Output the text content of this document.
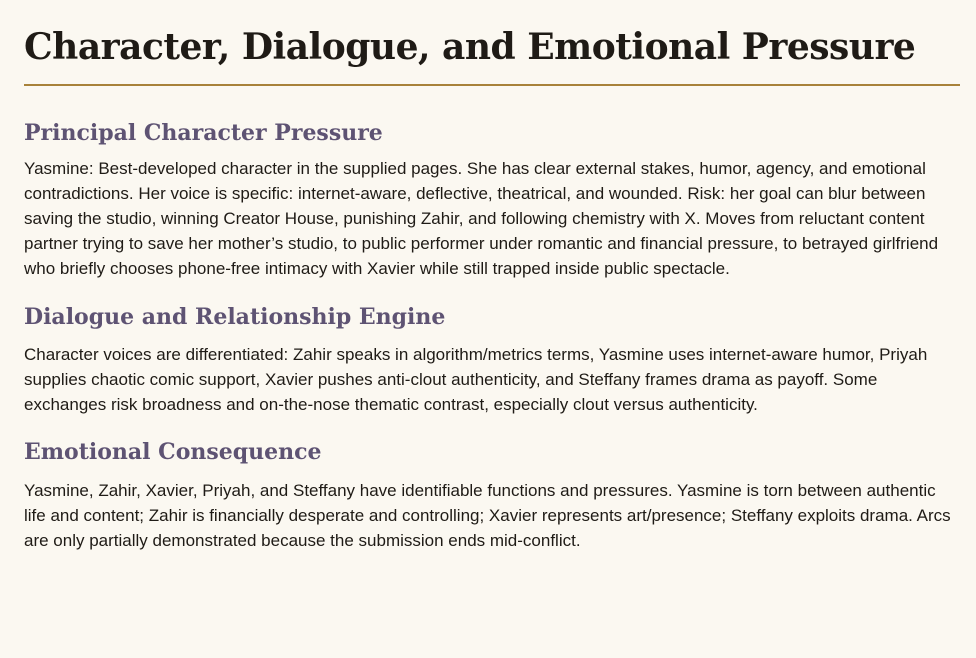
Character, Dialogue, and Emotional Pressure
Principal Character Pressure

Yasmine: Best-developed character in the supplied pages. She has clear external stakes, humor, agency, and emotional contradictions. Her voice is specific: internet-aware, deflective, theatrical, and wounded. Risk: her goal can blur between saving the studio, winning Creator House, punishing Zahir, and following chemistry with X. Moves from reluctant content partner trying to save her mother’s studio, to public performer under romantic and financial pressure, to betrayed girlfriend who briefly chooses phone-free intimacy with Xavier while still trapped inside public spectacle.

Dialogue and Relationship Engine

Character voices are differentiated: Zahir speaks in algorithm/metrics terms, Yasmine uses internet-aware humor, Priyah supplies chaotic comic support, Xavier pushes anti-clout authenticity, and Steffany frames drama as payoff. Some exchanges risk broadness and on-the-nose thematic contrast, especially clout versus authenticity.

Emotional Consequence

Yasmine, Zahir, Xavier, Priyah, and Steffany have identifiable functions and pressures. Yasmine is torn between authentic life and content; Zahir is financially desperate and controlling; Xavier represents art/presence; Steffany exploits drama. Arcs are only partially demonstrated because the submission ends mid-conflict.
